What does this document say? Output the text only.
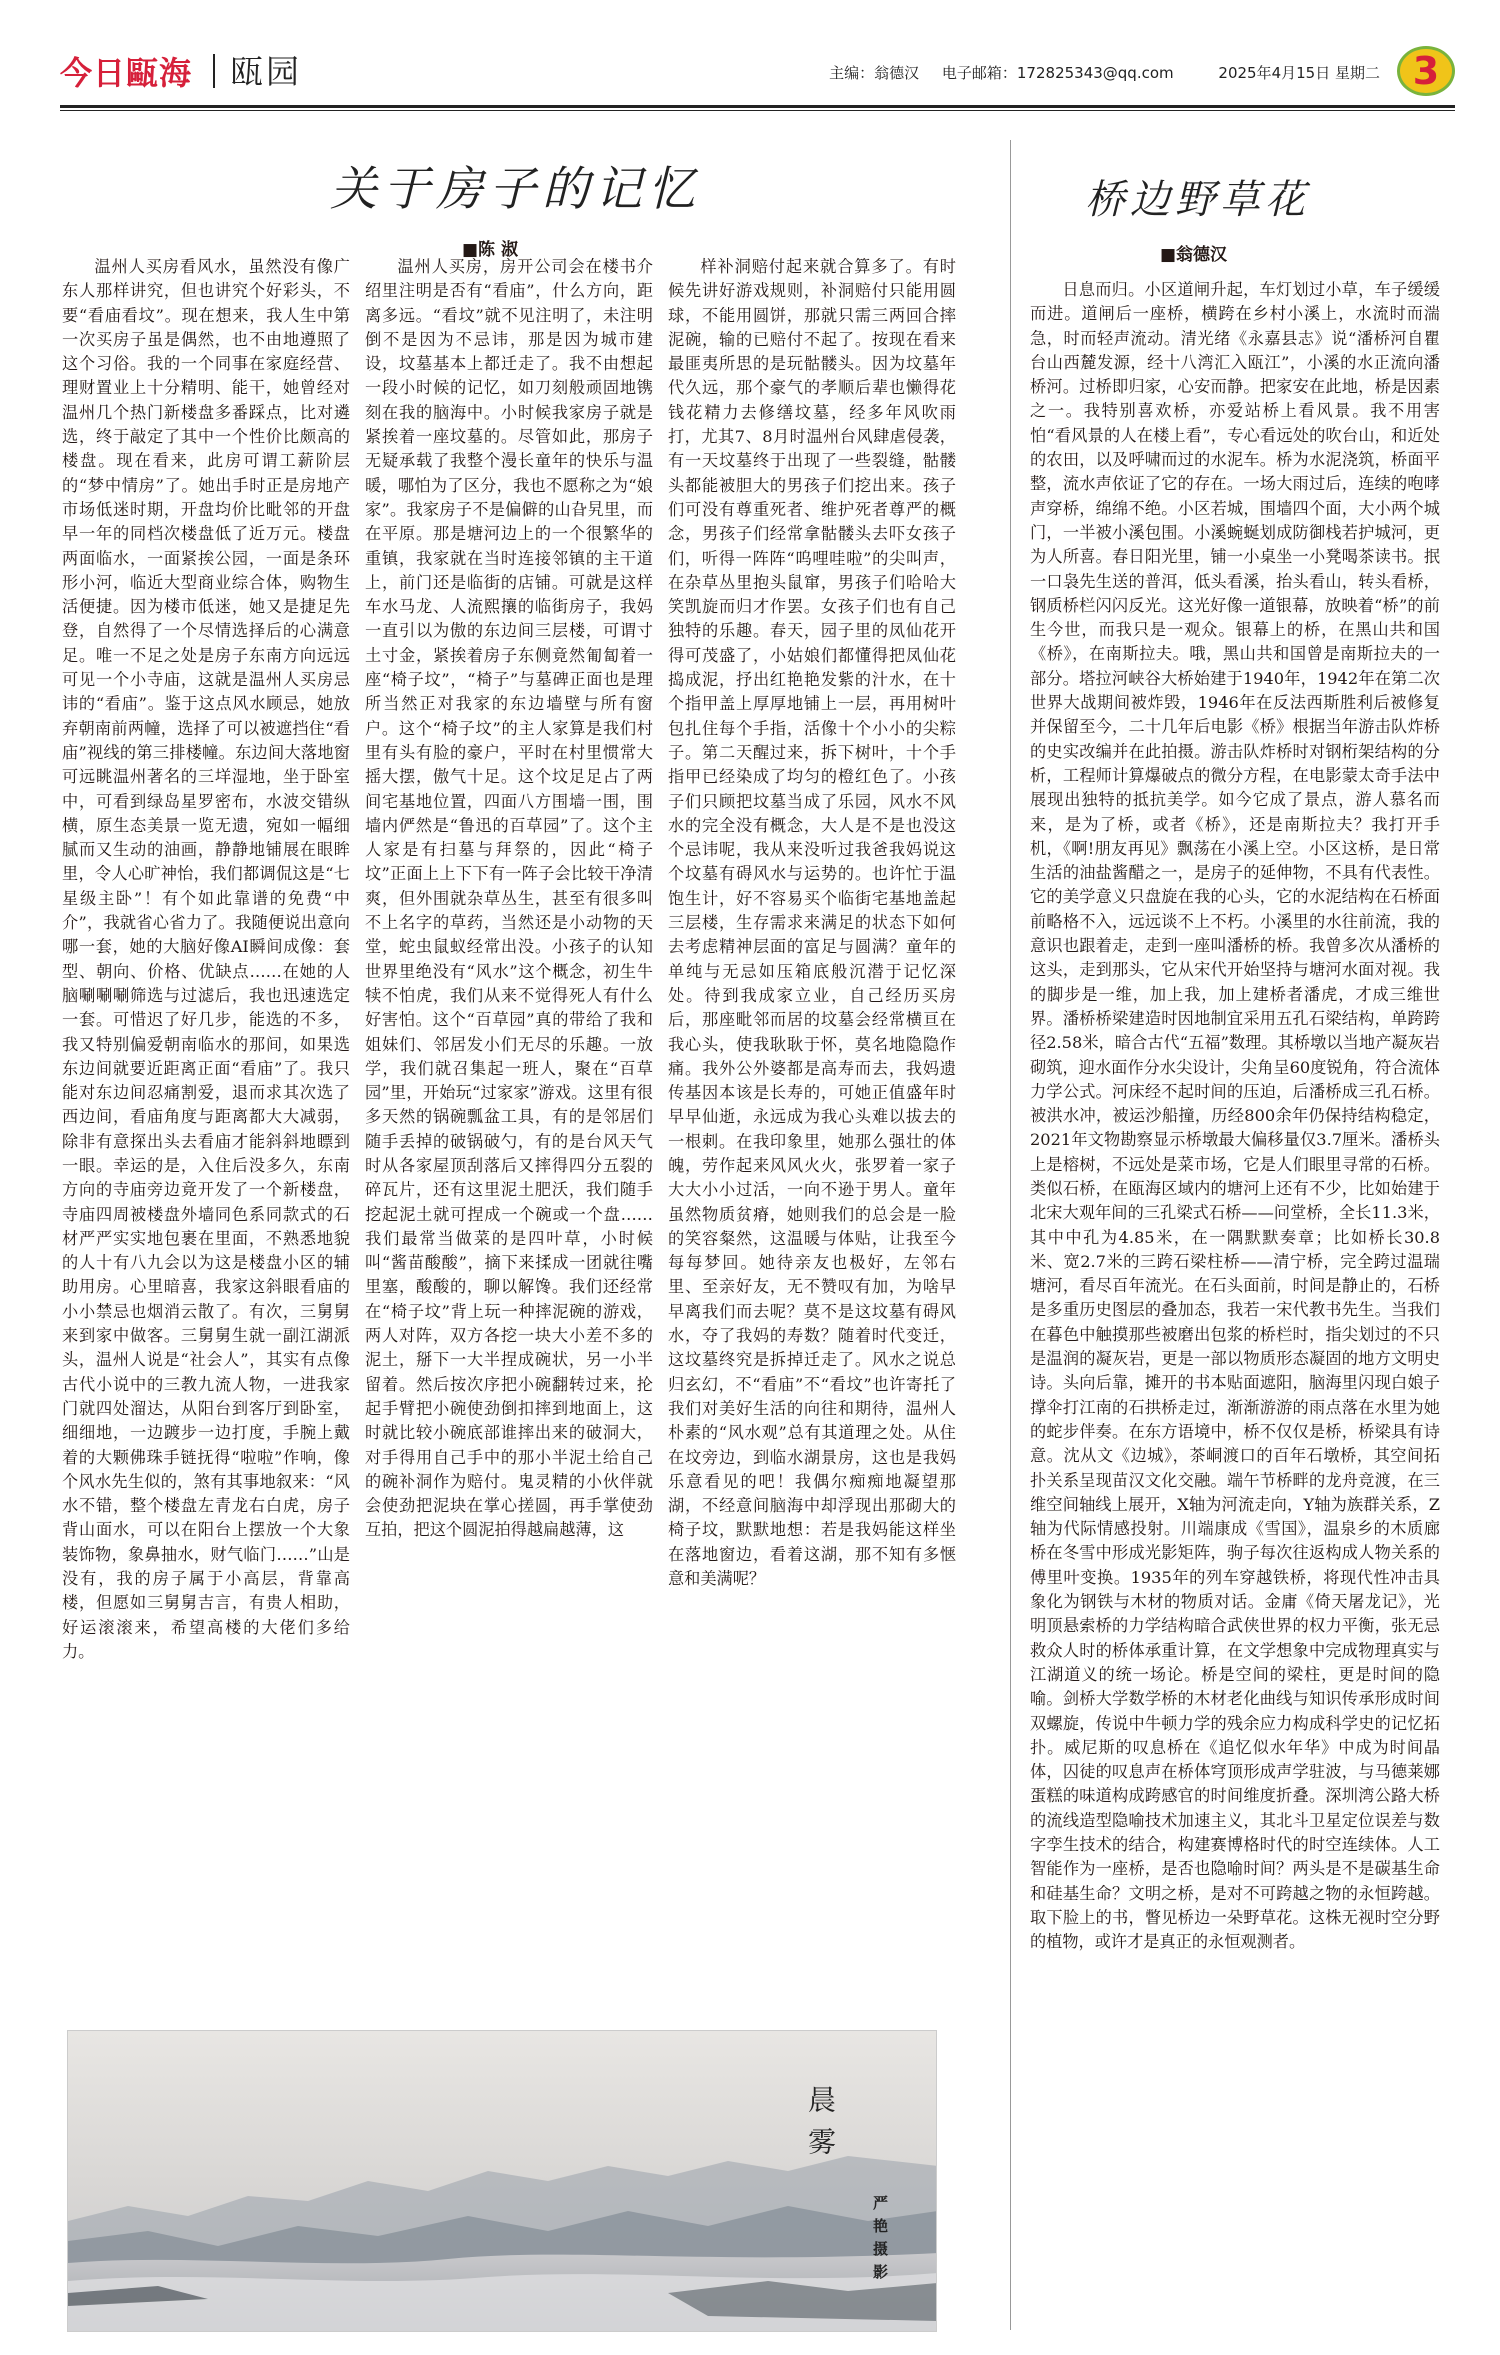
今日甌海 瓯园	主编：翁德汉 电子邮箱：172825343@qq.com	2025年4月15日 星期二 3
关于房子的记忆
■陈 淑

温州人买房看风水，虽然没有像广东人那样讲究，但也讲究个好彩头，不要“看庙看坟”。现在想来，我人生中第一次买房子虽是偶然，也不由地遵照了这个习俗。我的一个同事在家庭经营、理财置业上十分精明、能干，她曾经对温州几个热门新楼盘多番踩点，比对遴选，终于敲定了其中一个性价比颇高的楼盘。现在看来，此房可谓工薪阶层的“梦中情房”了。她出手时正是房地产市场低迷时期，开盘均价比毗邻的开盘早一年的同档次楼盘低了近万元。楼盘两面临水，一面紧挨公园，一面是条环形小河，临近大型商业综合体，购物生活便捷。因为楼市低迷，她又是捷足先登，自然得了一个尽情选择后的心满意足。唯一不足之处是房子东南方向远远可见一个小寺庙，这就是温州人买房忌讳的“看庙”。鉴于这点风水顾忌，她放弃朝南前两幢，选择了可以被遮挡住“看庙”视线的第三排楼幢。东边间大落地窗可远眺温州著名的三垟湿地，坐于卧室中，可看到绿岛星罗密布，水波交错纵横，原生态美景一览无遗，宛如一幅细腻而又生动的油画，静静地铺展在眼眸里，令人心旷神怡，我们都调侃这是“七星级主卧”！有个如此靠谱的免费“中介”，我就省心省力了。我随便说出意向哪一套，她的大脑好像AI瞬间成像：套型、朝向、价格、优缺点……在她的人脑唰唰唰筛选与过滤后，我也迅速选定一套。可惜迟了好几步，能选的不多，我又特别偏爱朝南临水的那间，如果选东边间就要近距离正面“看庙”了。我只能对东边间忍痛割爱，退而求其次选了西边间，看庙角度与距离都大大减弱，除非有意探出头去看庙才能斜斜地瞟到一眼。幸运的是，入住后没多久，东南方向的寺庙旁边竟开发了一个新楼盘，寺庙四周被楼盘外墙同色系同款式的石材严严实实地包裹在里面，不熟悉地貌的人十有八九会以为这是楼盘小区的辅助用房。心里暗喜，我家这斜眼看庙的小小禁忌也烟消云散了。有次，三舅舅来到家中做客。三舅舅生就一副江湖派头，温州人说是“社会人”，其实有点像古代小说中的三教九流人物，一进我家门就四处溜达，从阳台到客厅到卧室，细细地，一边踱步一边打度，手腕上戴着的大颗佛珠手链抚得“啦啦”作响，像个风水先生似的，煞有其事地叙来：“风水不错，整个楼盘左青龙右白虎，房子背山面水，可以在阳台上摆放一个大象装饰物，象鼻抽水，财气临门……”山是没有，我的房子属于小高层，背靠高楼，但愿如三舅舅吉言，有贵人相助，好运滚滚来，希望高楼的大佬们多给力。

温州人买房，房开公司会在楼书介绍里注明是否有“看庙”，什么方向，距离多远。“看坟”就不见注明了，未注明倒不是因为不忌讳，那是因为城市建设，坟墓基本上都迁走了。我不由想起一段小时候的记忆，如刀刻般顽固地镌刻在我的脑海中。小时候我家房子就是紧挨着一座坟墓的。尽管如此，那房子无疑承载了我整个漫长童年的快乐与温暖，哪怕为了区分，我也不愿称之为“娘家”。我家房子不是偏僻的山旮旯里，而在平原。那是塘河边上的一个很繁华的重镇，我家就在当时连接邻镇的主干道上，前门还是临街的店铺。可就是这样车水马龙、人流熙攘的临街房子，我妈一直引以为傲的东边间三层楼，可谓寸土寸金，紧挨着房子东侧竟然匍匐着一座“椅子坟”，“椅子”与墓碑正面也是理所当然正对我家的东边墙壁与所有窗户。这个“椅子坟”的主人家算是我们村里有头有脸的豪户，平时在村里惯常大摇大摆，傲气十足。这个坟足足占了两间宅基地位置，四面八方围墙一围，围墙内俨然是“鲁迅的百草园”了。这个主人家是有扫墓与拜祭的，因此“椅子坟”正面上上下下有一阵子会比较干净清爽，但外围就杂草丛生，甚至有很多叫不上名字的草药，当然还是小动物的天堂，蛇虫鼠蚁经常出没。小孩子的认知世界里绝没有“风水”这个概念，初生牛犊不怕虎，我们从来不觉得死人有什么好害怕。这个“百草园”真的带给了我和姐妹们、邻居发小们无尽的乐趣。一放学，我们就召集起一班人，聚在“百草园”里，开始玩“过家家”游戏。这里有很多天然的锅碗瓢盆工具，有的是邻居们随手丢掉的破锅破勺，有的是台风天气时从各家屋顶刮落后又摔得四分五裂的碎瓦片，还有这里泥土肥沃，我们随手挖起泥土就可捏成一个碗或一个盘……我们最常当做菜的是四叶草，小时候叫“酱苗酸酸”，摘下来揉成一团就往嘴里塞，酸酸的，聊以解馋。我们还经常在“椅子坟”背上玩一种摔泥碗的游戏，两人对阵，双方各挖一块大小差不多的泥土，掰下一大半捏成碗状，另一小半留着。然后按次序把小碗翻转过来，抡起手臂把小碗使劲倒扣摔到地面上，这时就比较小碗底部谁摔出来的破洞大，对手得用自己手中的那小半泥土给自己的碗补洞作为赔付。鬼灵精的小伙伴就会使劲把泥块在掌心搓圆，再手掌使劲互拍，把这个圆泥拍得越扁越薄，这

样补洞赔付起来就合算多了。有时候先讲好游戏规则，补洞赔付只能用圆球，不能用圆饼，那就只需三两回合摔泥碗，输的已赔付不起了。按现在看来最匪夷所思的是玩骷髅头。因为坟墓年代久远，那个豪气的孝顺后辈也懒得花钱花精力去修缮坟墓，经多年风吹雨打，尤其7、8月时温州台风肆虐侵袭，有一天坟墓终于出现了一些裂缝，骷髅头都能被胆大的男孩子们挖出来。孩子们可没有尊重死者、维护死者尊严的概念，男孩子们经常拿骷髅头去吓女孩子们，听得一阵阵“呜哩哇啦”的尖叫声，在杂草丛里抱头鼠窜，男孩子们哈哈大笑凯旋而归才作罢。女孩子们也有自己独特的乐趣。春天，园子里的凤仙花开得可茂盛了，小姑娘们都懂得把凤仙花捣成泥，抒出红艳艳发紫的汁水，在十个指甲盖上厚厚地铺上一层，再用树叶包扎住每个手指，活像十个小小的尖粽子。第二天醒过来，拆下树叶，十个手指甲已经染成了均匀的橙红色了。小孩子们只顾把坟墓当成了乐园，风水不风水的完全没有概念，大人是不是也没这个忌讳呢，我从来没听过我爸我妈说这个坟墓有碍风水与运势的。也许忙于温饱生计，好不容易买个临街宅基地盖起三层楼，生存需求来满足的状态下如何去考虑精神层面的富足与圆满？童年的单纯与无忌如压箱底般沉潜于记忆深处。待到我成家立业，自己经历买房后，那座毗邻而居的坟墓会经常横亘在我心头，使我耿耿于怀，莫名地隐隐作痛。我外公外婆都是高寿而去，我妈遗传基因本该是长寿的，可她正值盛年时早早仙逝，永远成为我心头难以拔去的一根刺。在我印象里，她那么强壮的体魄，劳作起来风风火火，张罗着一家子大大小小过活，一向不逊于男人。童年虽然物质贫瘠，她则我们的总会是一脸的笑容粲然，这温暖与体贴，让我至今每每梦回。她待亲友也极好，左邻右里、至亲好友，无不赞叹有加，为啥早早离我们而去呢？莫不是这坟墓有碍风水，夺了我妈的寿数？随着时代变迁，这坟墓终究是拆掉迁走了。风水之说总归玄幻，不“看庙”不“看坟”也许寄托了我们对美好生活的向往和期待，温州人朴素的“风水观”总有其道理之处。从住在坟旁边，到临水湖景房，这也是我妈乐意看见的吧！我偶尔痴痴地凝望那湖，不经意间脑海中却浮现出那砌大的椅子坟，默默地想：若是我妈能这样坐在落地窗边，看着这湖，那不知有多惬意和美满呢？

晨雾
严艳摄影
桥边野草花
■翁德汉

日息而归。小区道闸升起，车灯划过小草，车子缓缓而进。道闸后一座桥，横跨在乡村小溪上，水流时而湍急，时而轻声流动。清光绪《永嘉县志》说“潘桥河自瞿台山西麓发源，经十八湾汇入瓯江”，小溪的水正流向潘桥河。过桥即归家，心安而静。把家安在此地，桥是因素之一。我特别喜欢桥，亦爱站桥上看风景。我不用害怕“看风景的人在楼上看”，专心看远处的吹台山，和近处的农田，以及呼啸而过的水泥车。桥为水泥浇筑，桥面平整，流水声依证了它的存在。一场大雨过后，连续的咆哮声穿桥，绵绵不绝。小区若城，围墙四个面，大小两个城门，一半被小溪包围。小溪蜿蜒划成防御栈若护城河，更为人所喜。春日阳光里，铺一小桌坐一小凳喝茶读书。抿一口袅先生送的普洱，低头看溪，抬头看山，转头看桥，钢质桥栏闪闪反光。这光好像一道银幕，放映着“桥”的前生今世，而我只是一观众。银幕上的桥，在黑山共和国《桥》，在南斯拉夫。哦，黑山共和国曾是南斯拉夫的一部分。塔拉河峡谷大桥始建于1940年，1942年在第二次世界大战期间被炸毁，1946年在反法西斯胜利后被修复并保留至今，二十几年后电影《桥》根据当年游击队炸桥的史实改编并在此拍摄。游击队炸桥时对钢桁架结构的分析，工程师计算爆破点的微分方程，在电影蒙太奇手法中展现出独特的抵抗美学。如今它成了景点，游人慕名而来，是为了桥，或者《桥》，还是南斯拉夫？我打开手机，《啊!朋友再见》飘荡在小溪上空。小区这桥，是日常生活的油盐酱醋之一，是房子的延伸物，不具有代表性。它的美学意义只盘旋在我的心头，它的水泥结构在石桥面前略格不入，远远谈不上不朽。小溪里的水往前流，我的意识也跟着走，走到一座叫潘桥的桥。我曾多次从潘桥的这头，走到那头，它从宋代开始坚持与塘河水面对视。我的脚步是一维，加上我，加上建桥者潘虎，才成三维世界。潘桥桥梁建造时因地制宜采用五孔石梁结构，单跨跨径2.58米，暗合古代“五福”数理。其桥墩以当地产凝灰岩砌筑，迎水面作分水尖设计，尖角呈60度锐角，符合流体力学公式。河床经不起时间的压迫，后潘桥成三孔石桥。被洪水冲，被运沙船撞，历经800余年仍保持结构稳定，2021年文物勘察显示桥墩最大偏移量仅3.7厘米。潘桥头上是榕树，不远处是菜市场，它是人们眼里寻常的石桥。类似石桥，在瓯海区域内的塘河上还有不少，比如始建于北宋大观年间的三孔梁式石桥——问堂桥，全长11.3米，其中中孔为4.85米，在一隅默默奏章；比如桥长30.8米、宽2.7米的三跨石梁柱桥——清宁桥，完全跨过温瑞塘河，看尽百年流光。在石头面前，时间是静止的，石桥是多重历史图层的叠加态，我若一宋代教书先生。当我们在暮色中触摸那些被磨出包浆的桥栏时，指尖划过的不只是温润的凝灰岩，更是一部以物质形态凝固的地方文明史诗。头向后靠，摊开的书本贴面遮阳，脑海里闪现白娘子撑伞打江南的石拱桥走过，渐渐游游的雨点落在水里为她的蛇步伴奏。在东方语境中，桥不仅仅是桥，桥梁具有诗意。沈从文《边城》，茶峒渡口的百年石墩桥，其空间拓扑关系呈现苗汉文化交融。端午节桥畔的龙舟竞渡，在三维空间轴线上展开，X轴为河流走向，Y轴为族群关系，Z轴为代际情感投射。川端康成《雪国》，温泉乡的木质廊桥在冬雪中形成光影矩阵，驹子每次往返构成人物关系的傅里叶变换。1935年的列车穿越铁桥，将现代性冲击具象化为钢铁与木材的物质对话。金庸《倚天屠龙记》，光明顶悬索桥的力学结构暗合武侠世界的权力平衡，张无忌救众人时的桥体承重计算，在文学想象中完成物理真实与江湖道义的统一场论。桥是空间的梁柱，更是时间的隐喻。剑桥大学数学桥的木材老化曲线与知识传承形成时间双螺旋，传说中牛顿力学的残余应力构成科学史的记忆拓扑。威尼斯的叹息桥在《追忆似水年华》中成为时间晶体，囚徒的叹息声在桥体穹顶形成声学驻波，与马德莱娜蛋糕的味道构成跨感官的时间维度折叠。深圳湾公路大桥的流线造型隐喻技术加速主义，其北斗卫星定位误差与数字孪生技术的结合，构建赛博格时代的时空连续体。人工智能作为一座桥，是否也隐喻时间？两头是不是碳基生命和硅基生命？文明之桥，是对不可跨越之物的永恒跨越。取下脸上的书，瞥见桥边一朵野草花。这株无视时空分野的植物，或许才是真正的永恒观测者。
